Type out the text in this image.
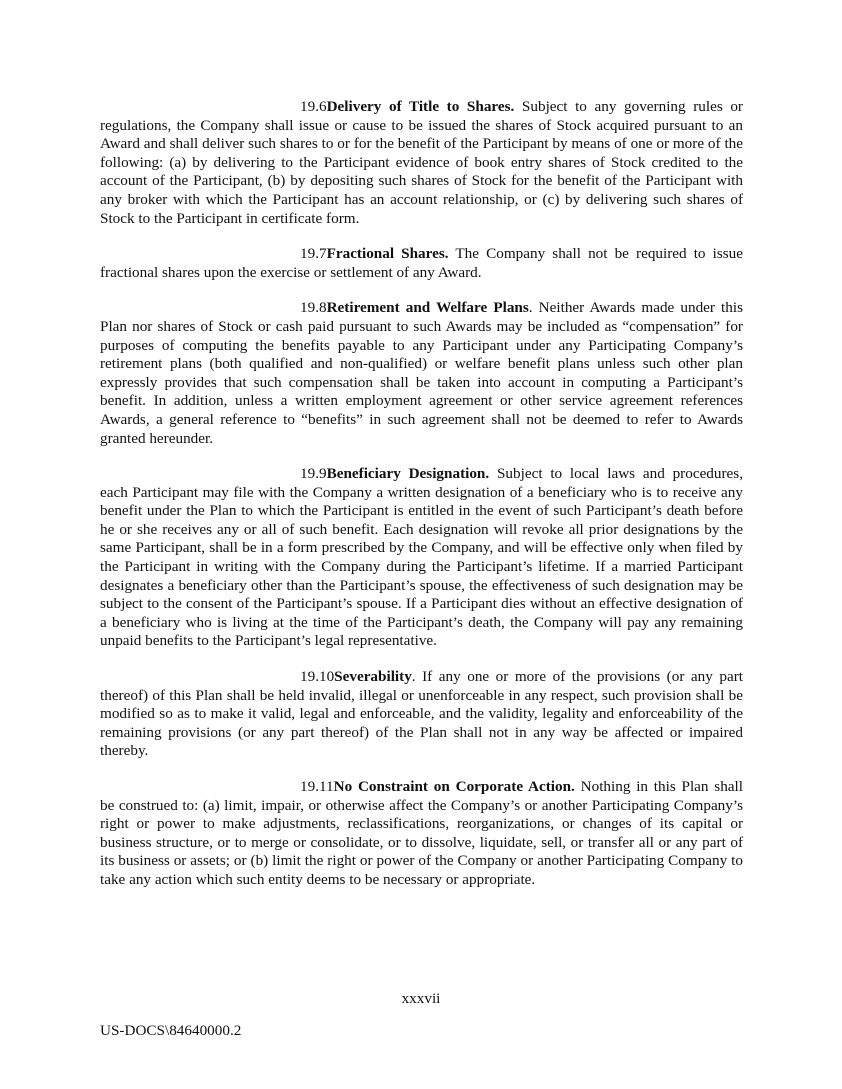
19.6Delivery of Title to Shares. Subject to any governing rules or regulations, the Company shall issue or cause to be issued the shares of Stock acquired pursuant to an Award and shall deliver such shares to or for the benefit of the Participant by means of one or more of the following: (a) by delivering to the Participant evidence of book entry shares of Stock credited to the account of the Participant, (b) by depositing such shares of Stock for the benefit of the Participant with any broker with which the Participant has an account relationship, or (c) by delivering such shares of Stock to the Participant in certificate form.

19.7Fractional Shares. The Company shall not be required to issue fractional shares upon the exercise or settlement of any Award.

19.8Retirement and Welfare Plans. Neither Awards made under this Plan nor shares of Stock or cash paid pursuant to such Awards may be included as “compensation” for purposes of computing the benefits payable to any Participant under any Participating Company’s retirement plans (both qualified and non-qualified) or welfare benefit plans unless such other plan expressly provides that such compensation shall be taken into account in computing a Participant’s benefit. In addition, unless a written employment agreement or other service agreement references Awards, a general reference to “benefits” in such agreement shall not be deemed to refer to Awards granted hereunder.

19.9Beneficiary Designation. Subject to local laws and procedures, each Participant may file with the Company a written designation of a beneficiary who is to receive any benefit under the Plan to which the Participant is entitled in the event of such Participant’s death before he or she receives any or all of such benefit. Each designation will revoke all prior designations by the same Participant, shall be in a form prescribed by the Company, and will be effective only when filed by the Participant in writing with the Company during the Participant’s lifetime. If a married Participant designates a beneficiary other than the Participant’s spouse, the effectiveness of such designation may be subject to the consent of the Participant’s spouse. If a Participant dies without an effective designation of a beneficiary who is living at the time of the Participant’s death, the Company will pay any remaining unpaid benefits to the Participant’s legal representative.

19.10Severability. If any one or more of the provisions (or any part thereof) of this Plan shall be held invalid, illegal or unenforceable in any respect, such provision shall be modified so as to make it valid, legal and enforceable, and the validity, legality and enforceability of the remaining provisions (or any part thereof) of the Plan shall not in any way be affected or impaired thereby.

19.11No Constraint on Corporate Action. Nothing in this Plan shall be construed to: (a) limit, impair, or otherwise affect the Company’s or another Participating Company’s right or power to make adjustments, reclassifications, reorganizations, or changes of its capital or business structure, or to merge or consolidate, or to dissolve, liquidate, sell, or transfer all or any part of its business or assets; or (b) limit the right or power of the Company or another Participating Company to take any action which such entity deems to be necessary or appropriate.

xxxvii
US-DOCS\84640000.2
